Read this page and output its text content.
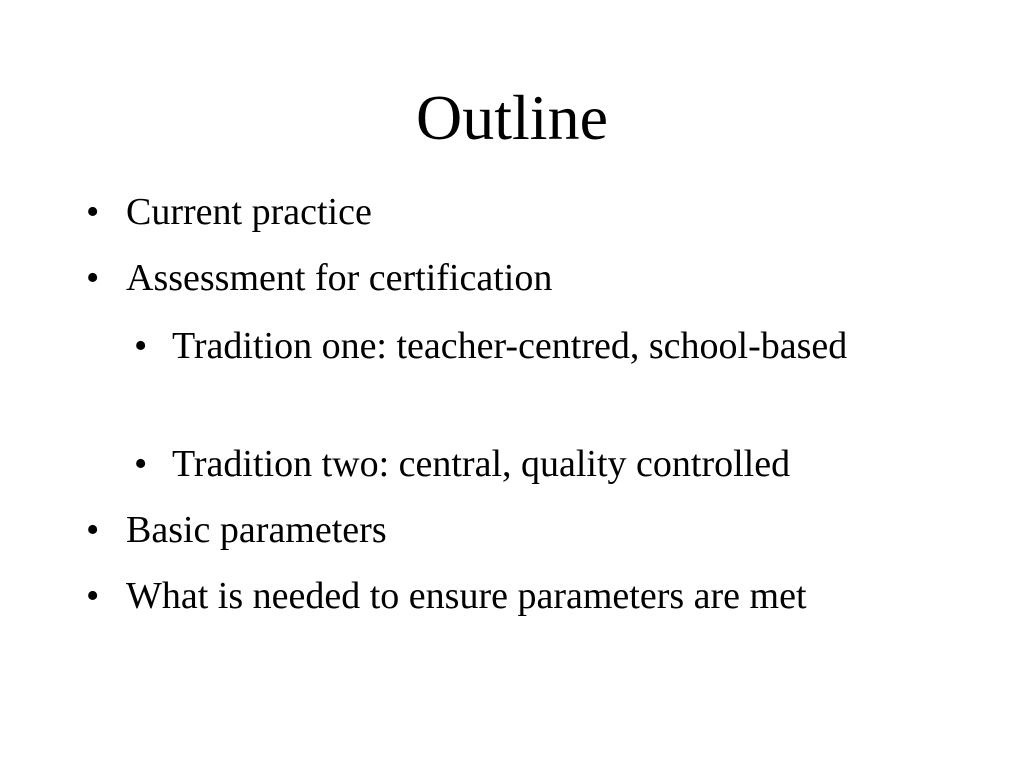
Outline
• Current practice
• Assessment for certification
• Tradition one: teacher-centred, school-based
• Tradition two: central, quality controlled
• Basic parameters
• What is needed to ensure parameters are met
